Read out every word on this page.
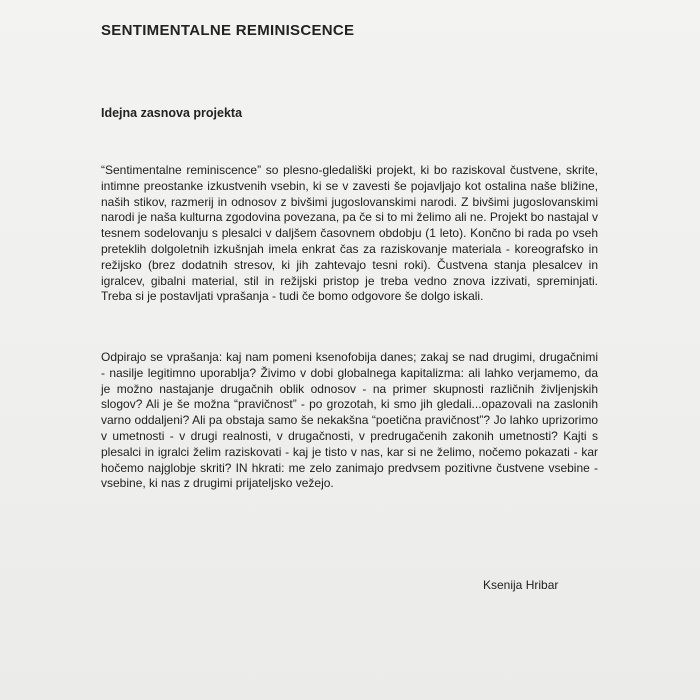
SENTIMENTALNE REMINISCENCE
Idejna zasnova projekta

“Sentimentalne reminiscence” so plesno-gledališki projekt, ki bo raziskoval čustvene, skrite, intimne preostanke izkustvenih vsebin, ki se v zavesti še pojavljajo kot ostalina naše bližine, naših stikov, razmerij in odnosov z bivšimi jugoslovanskimi narodi. Z bivšimi jugoslovanskimi narodi je naša kulturna zgodovina povezana, pa če si to mi želimo ali ne. Projekt bo nastajal v tesnem sodelovanju s plesalci v daljšem časovnem obdobju (1 leto). Končno bi rada po vseh preteklih dolgoletnih izkušnjah imela enkrat čas za raziskovanje materiala - koreografsko in režijsko (brez dodatnih stresov, ki jih zahtevajo tesni roki). Čustvena stanja plesalcev in igralcev, gibalni material, stil in režijski pristop je treba vedno znova izzivati, spreminjati. Treba si je postavljati vprašanja - tudi če bomo odgovore še dolgo iskali.

Odpirajo se vprašanja: kaj nam pomeni ksenofobija danes; zakaj se nad drugimi, drugačnimi - nasilje legitimno uporablja? Živimo v dobi globalnega kapitalizma: ali lahko verjamemo, da je možno nastajanje drugačnih oblik odnosov - na primer skupnosti različnih življenjskih slogov? Ali je še možna “pravičnost” - po grozotah, ki smo jih gledali...opazovali na zaslonih varno oddaljeni? Ali pa obstaja samo še nekakšna “poetična pravičnost”? Jo lahko uprizorimo v umetnosti - v drugi realnosti, v drugačnosti, v predrugačenih zakonih umetnosti? Kajti s plesalci in igralci želim raziskovati - kaj je tisto v nas, kar si ne želimo, nočemo pokazati - kar hočemo najglobje skriti? IN hkrati: me zelo zanimajo predvsem pozitivne čustvene vsebine - vsebine, ki nas z drugimi prijateljsko vežejo.

Ksenija Hribar
